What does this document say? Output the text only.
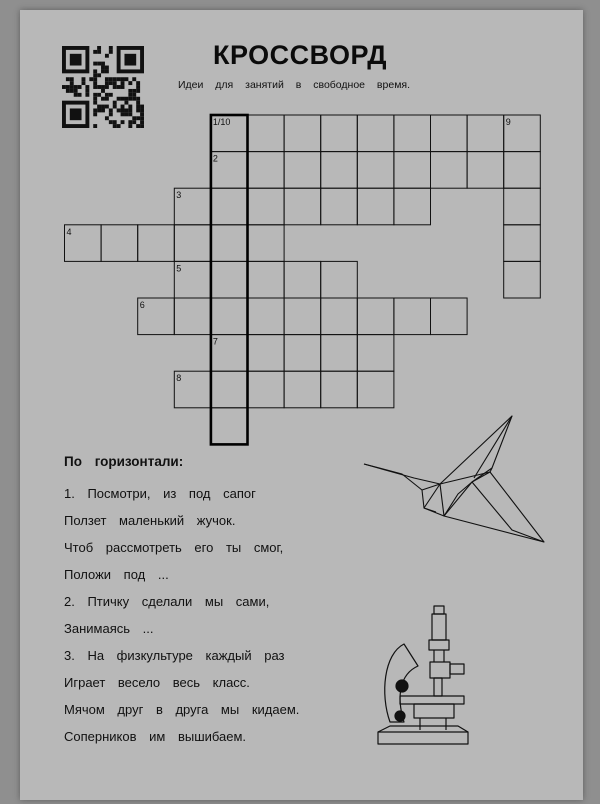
КРОССВОРД
Идеи для занятий в свободное время.
1/10
2
3
4
5
6
7
8
9
По горизонтали:
1. Посмотри, из под сапог
Ползет маленький жучок.
Чтоб рассмотреть его ты смог,
Положи под ...
2. Птичку сделали мы сами,
Занимаясь ...
3. На физкультуре каждый раз
Играет весело весь класс.
Мячом друг в друга мы кидаем.
Соперников им вышибаем.
